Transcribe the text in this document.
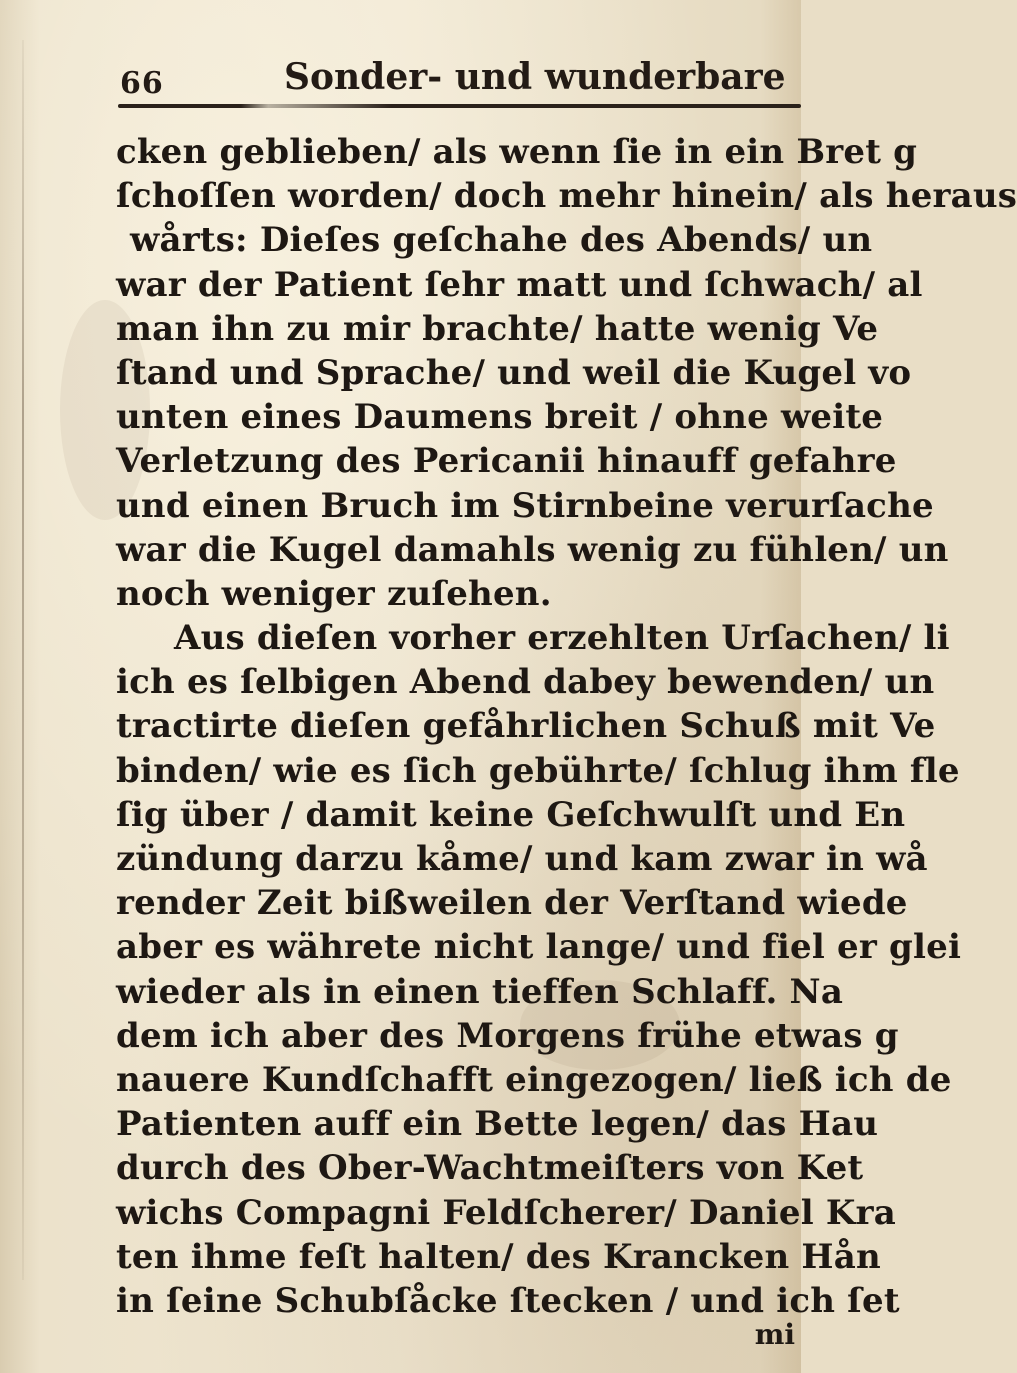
66	Sonder- und wunderbare
cken geblieben/ als wenn ſie in ein Bret g
ſchoſſen worden/ doch mehr hinein/ als heraus
wårts: Dieſes geſchahe des Abends/ un
war der Patient ſehr matt und ſchwach/ al
man ihn zu mir brachte/ hatte wenig Ve
ſtand und Sprache/ und weil die Kugel vo
unten eines Daumens breit / ohne weite
Verletzung des Pericanii hinauff gefahre
und einen Bruch im Stirnbeine verurſache
war die Kugel damahls wenig zu fühlen/ un
noch weniger zuſehen.
Aus dieſen vorher erzehlten Urſachen/ li
ich es ſelbigen Abend dabey bewenden/ un
tractirte dieſen gefåhrlichen Schuß mit Ve
binden/ wie es ſich gebührte/ ſchlug ihm fle
ſig über / damit keine Geſchwulſt und En
zündung darzu kåme/ und kam zwar in wå
render Zeit bißweilen der Verſtand wiede
aber es währete nicht lange/ und fiel er glei
wieder als in einen tieffen Schlaff. Na
dem ich aber des Morgens frühe etwas g
nauere Kundſchafft eingezogen/ ließ ich de
Patienten auff ein Bette legen/ das Hau
durch des Ober-Wachtmeiſters von Ket
wichs Compagni Feldſcherer/ Daniel Kra
ten ihme feſt halten/ des Krancken Hån
in ſeine Schubſåcke ſtecken / und ich ſet
mi
